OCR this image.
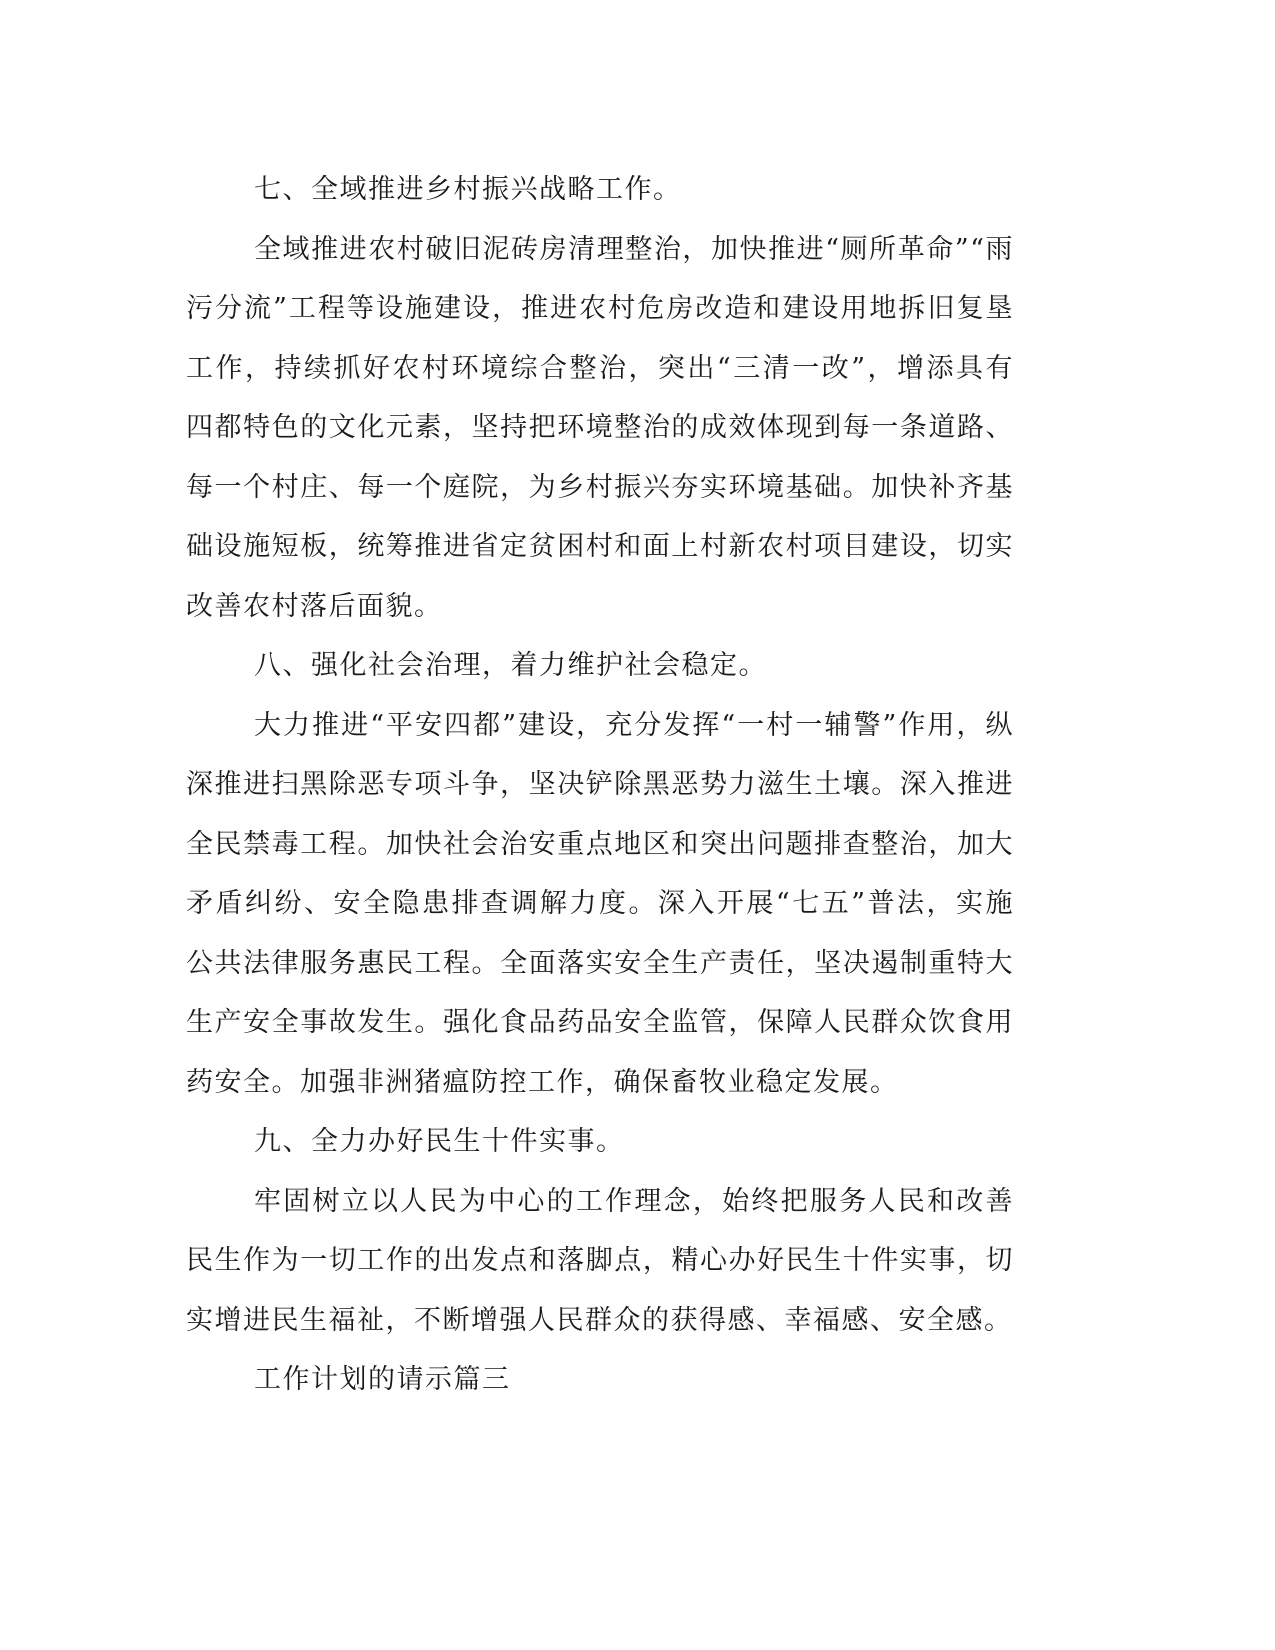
七、全域推进乡村振兴战略工作。

全域推进农村破旧泥砖房清理整治，加快推进“厕所革命”“雨污分流”工程等设施建设，推进农村危房改造和建设用地拆旧复垦工作，持续抓好农村环境综合整治，突出“三清一改”，增添具有四都特色的文化元素，坚持把环境整治的成效体现到每一条道路、每一个村庄、每一个庭院，为乡村振兴夯实环境基础。加快补齐基础设施短板，统筹推进省定贫困村和面上村新农村项目建设，切实改善农村落后面貌。

八、强化社会治理，着力维护社会稳定。

大力推进“平安四都”建设，充分发挥“一村一辅警”作用，纵深推进扫黑除恶专项斗争，坚决铲除黑恶势力滋生土壤。深入推进全民禁毒工程。加快社会治安重点地区和突出问题排查整治，加大矛盾纠纷、安全隐患排查调解力度。深入开展“七五”普法，实施公共法律服务惠民工程。全面落实安全生产责任，坚决遏制重特大生产安全事故发生。强化食品药品安全监管，保障人民群众饮食用药安全。加强非洲猪瘟防控工作，确保畜牧业稳定发展。

九、全力办好民生十件实事。

牢固树立以人民为中心的工作理念，始终把服务人民和改善民生作为一切工作的出发点和落脚点，精心办好民生十件实事，切实增进民生福祉，不断增强人民群众的获得感、幸福感、安全感。

工作计划的请示篇三
